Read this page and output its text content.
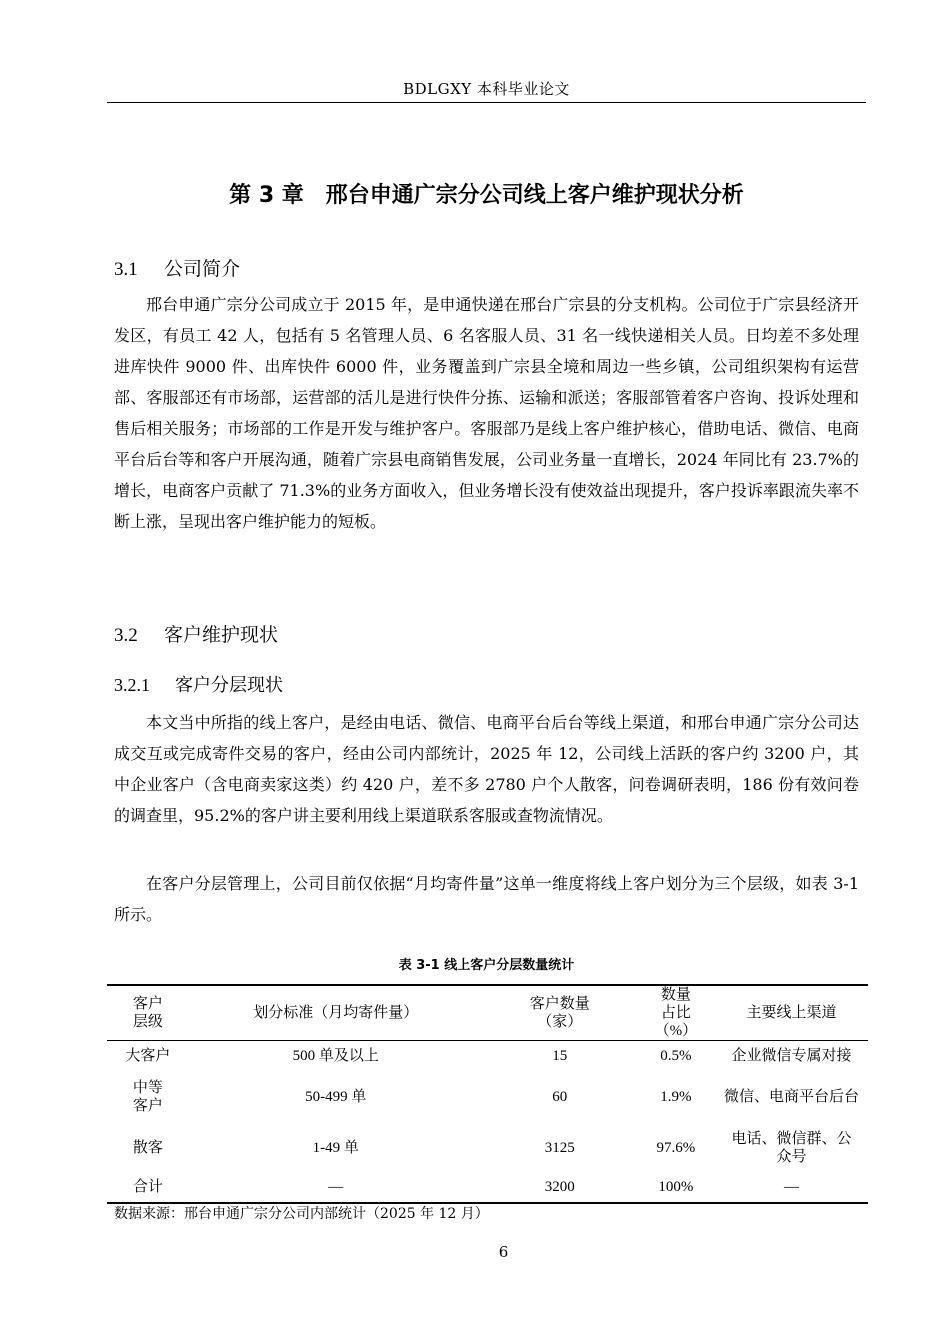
BDLGXY 本科毕业论文
第 3 章　邢台申通广宗分公司线上客户维护现状分析
3.1 公司简介
邢台申通广宗分公司成立于 2015 年，是申通快递在邢台广宗县的分支机构。公司位于广宗县经济开发区，有员工 42 人，包括有 5 名管理人员、6 名客服人员、31 名一线快递相关人员。日均差不多处理进库快件 9000 件、出库快件 6000 件，业务覆盖到广宗县全境和周边一些乡镇，公司组织架构有运营部、客服部还有市场部，运营部的活儿是进行快件分拣、运输和派送；客服部管着客户咨询、投诉处理和售后相关服务；市场部的工作是开发与维护客户。客服部乃是线上客户维护核心，借助电话、微信、电商平台后台等和客户开展沟通，随着广宗县电商销售发展，公司业务量一直增长，2024 年同比有 23.7%的增长，电商客户贡献了 71.3%的业务方面收入，但业务增长没有使效益出现提升，客户投诉率跟流失率不断上涨，呈现出客户维护能力的短板。
3.2 客户维护现状
3.2.1 客户分层现状
本文当中所指的线上客户，是经由电话、微信、电商平台后台等线上渠道，和邢台申通广宗分公司达成交互或完成寄件交易的客户，经由公司内部统计，2025 年 12，公司线上活跃的客户约 3200 户，其中企业客户（含电商卖家这类）约 420 户，差不多 2780 户个人散客，问卷调研表明，186 份有效问卷的调查里，95.2%的客户讲主要利用线上渠道联系客服或查物流情况。
在客户分层管理上，公司目前仅依据“月均寄件量”这单一维度将线上客户划分为三个层级，如表 3-1 所示。
表 3-1 线上客户分层数量统计
客户层级	划分标准（月均寄件量）	客户数量（家）	数量占比（%）	主要线上渠道
大客户	500 单及以上	15	0.5%	企业微信专属对接
中等客户	50-499 单	60	1.9%	微信、电商平台后台
散客	1-49 单	3125	97.6%	电话、微信群、公众号
合计	—	3200	100%	—
数据来源：邢台申通广宗分公司内部统计（2025 年 12 月）
6
